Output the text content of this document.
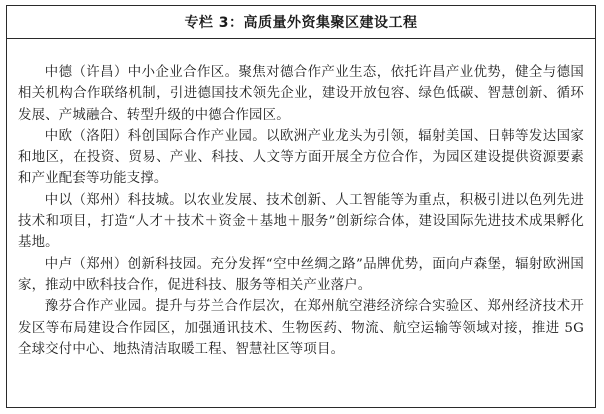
专栏 3：高质量外资集聚区建设工程

中德（许昌）中小企业合作区。聚焦对德合作产业生态，依托许昌产业优势，健全与德国相关机构合作联络机制，引进德国技术领先企业，建设开放包容、绿色低碳、智慧创新、循环发展、产城融合、转型升级的中德合作园区。

中欧（洛阳）科创国际合作产业园。以欧洲产业龙头为引领，辐射美国、日韩等发达国家和地区，在投资、贸易、产业、科技、人文等方面开展全方位合作，为园区建设提供资源要素和产业配套等功能支撑。

中以（郑州）科技城。以农业发展、技术创新、人工智能等为重点，积极引进以色列先进技术和项目，打造“人才＋技术＋资金＋基地＋服务”创新综合体，建设国际先进技术成果孵化基地。

中卢（郑州）创新科技园。充分发挥“空中丝绸之路”品牌优势，面向卢森堡，辐射欧洲国家，推动中欧科技合作，促进科技、服务等相关产业落户。

豫芬合作产业园。提升与芬兰合作层次，在郑州航空港经济综合实验区、郑州经济技术开发区等布局建设合作园区，加强通讯技术、生物医药、物流、航空运输等领域对接，推进 5G 全球交付中心、地热清洁取暖工程、智慧社区等项目。
